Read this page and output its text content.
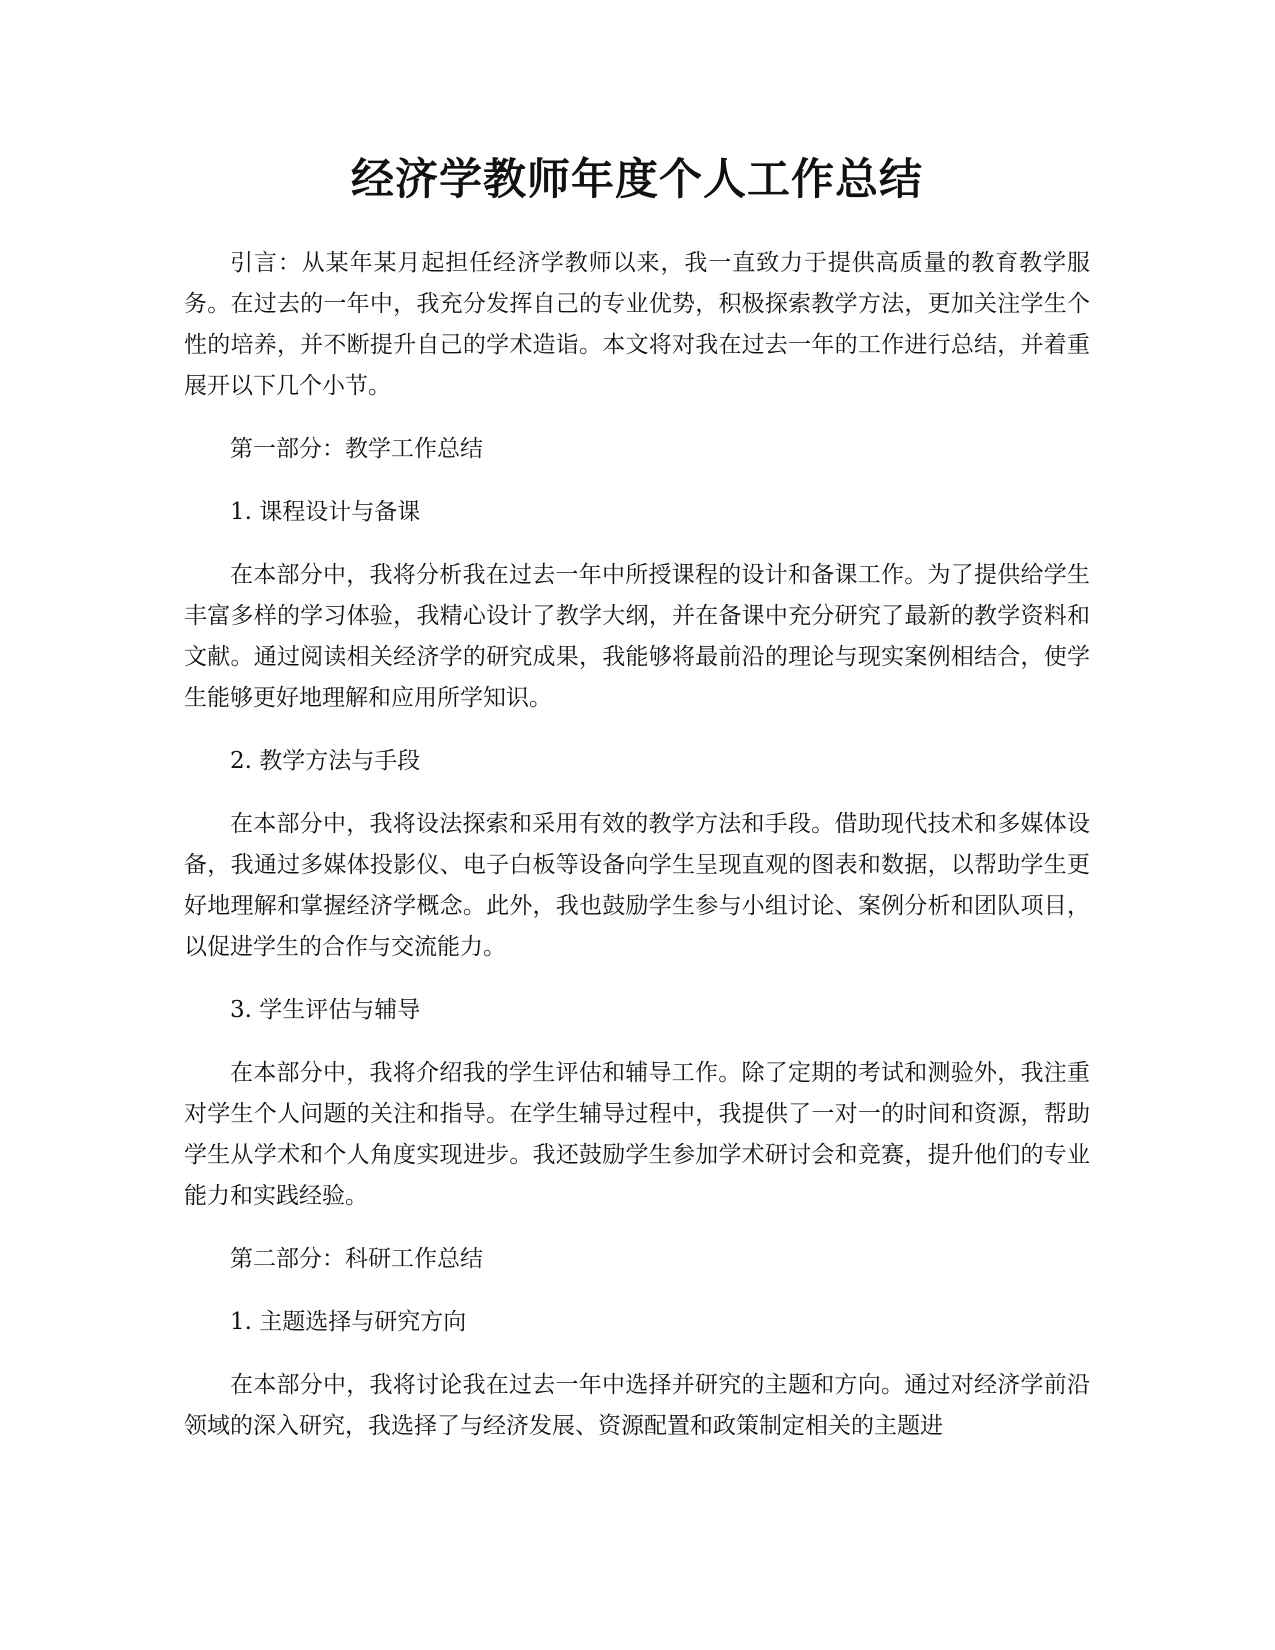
经济学教师年度个人工作总结

引言：从某年某月起担任经济学教师以来，我一直致力于提供高质量的教育教学服务。在过去的一年中，我充分发挥自己的专业优势，积极探索教学方法，更加关注学生个性的培养，并不断提升自己的学术造诣。本文将对我在过去一年的工作进行总结，并着重展开以下几个小节。

第一部分：教学工作总结

1. 课程设计与备课

在本部分中，我将分析我在过去一年中所授课程的设计和备课工作。为了提供给学生丰富多样的学习体验，我精心设计了教学大纲，并在备课中充分研究了最新的教学资料和文献。通过阅读相关经济学的研究成果，我能够将最前沿的理论与现实案例相结合，使学生能够更好地理解和应用所学知识。

2. 教学方法与手段

在本部分中，我将设法探索和采用有效的教学方法和手段。借助现代技术和多媒体设备，我通过多媒体投影仪、电子白板等设备向学生呈现直观的图表和数据，以帮助学生更好地理解和掌握经济学概念。此外，我也鼓励学生参与小组讨论、案例分析和团队项目，以促进学生的合作与交流能力。

3. 学生评估与辅导

在本部分中，我将介绍我的学生评估和辅导工作。除了定期的考试和测验外，我注重对学生个人问题的关注和指导。在学生辅导过程中，我提供了一对一的时间和资源，帮助学生从学术和个人角度实现进步。我还鼓励学生参加学术研讨会和竞赛，提升他们的专业能力和实践经验。

第二部分：科研工作总结

1. 主题选择与研究方向

在本部分中，我将讨论我在过去一年中选择并研究的主题和方向。通过对经济学前沿领域的深入研究，我选择了与经济发展、资源配置和政策制定相关的主题进
